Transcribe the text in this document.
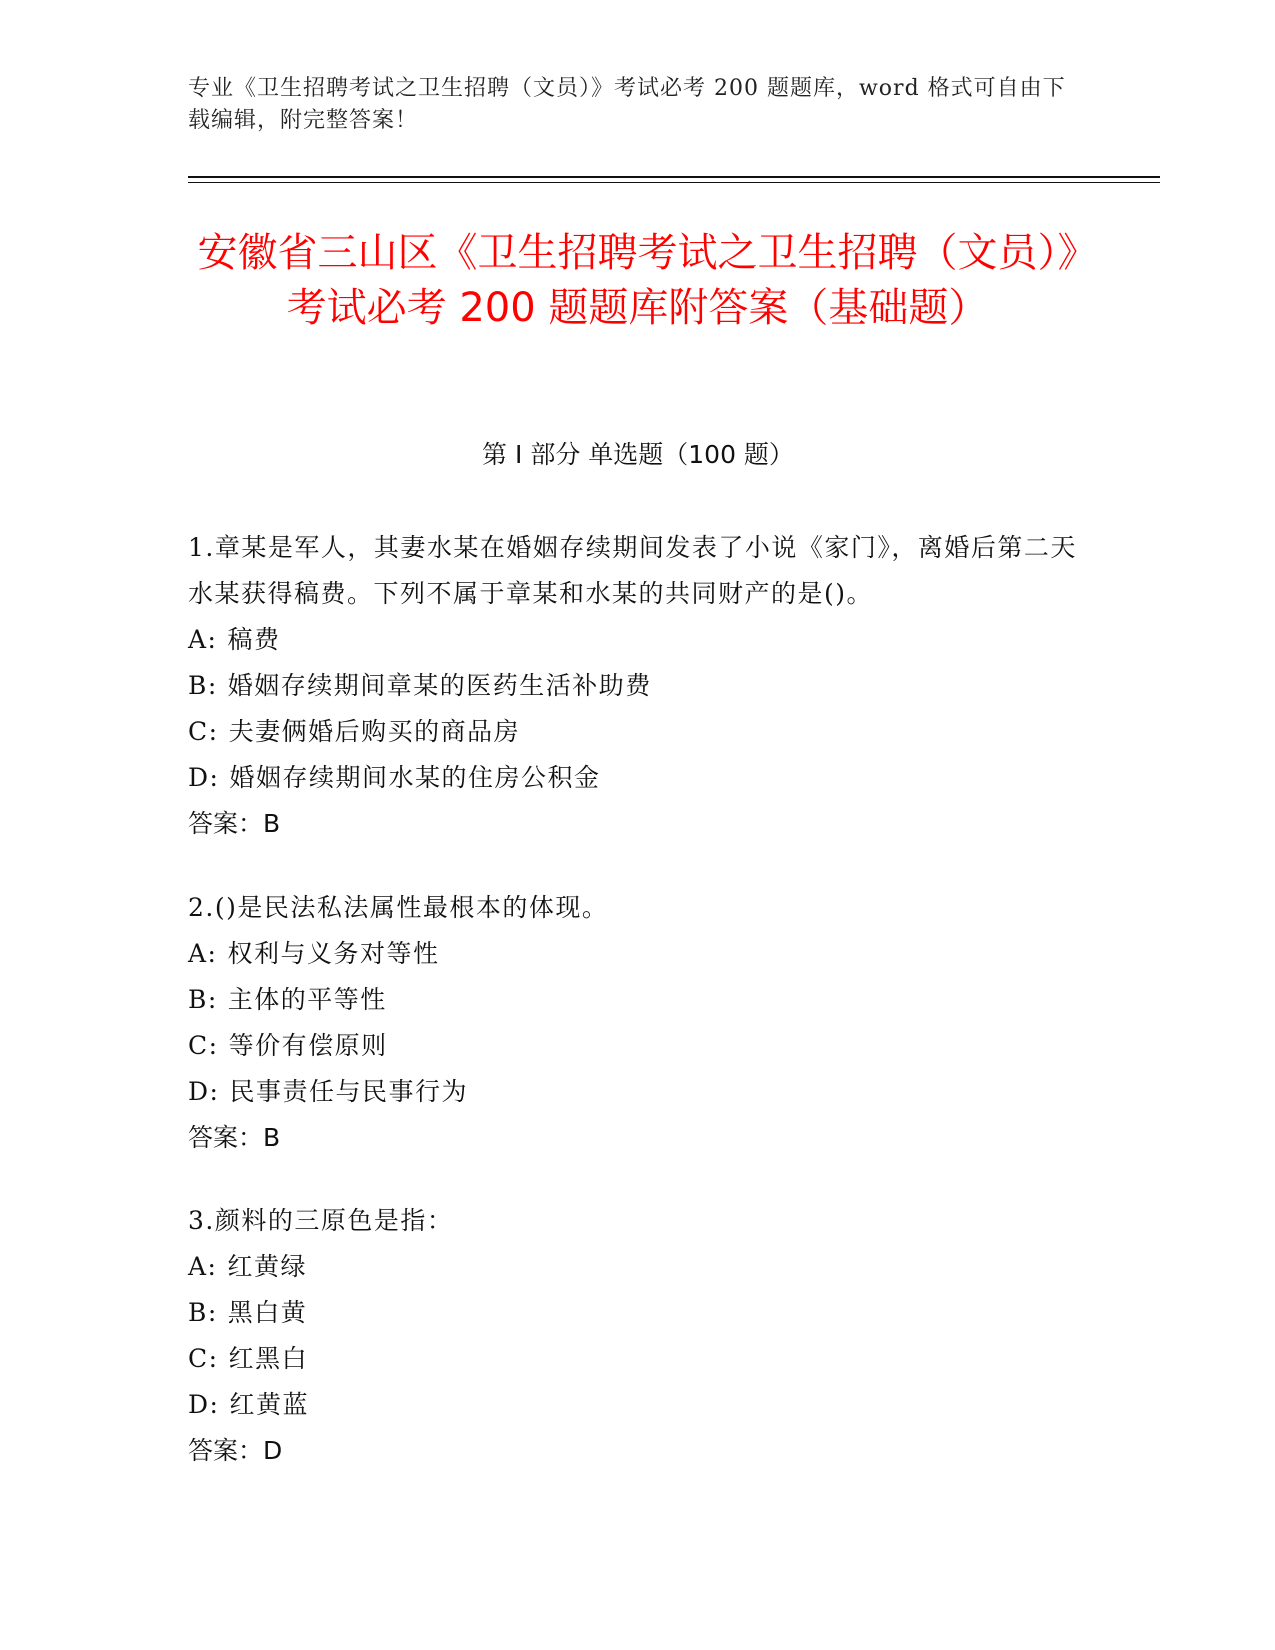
专业《卫生招聘考试之卫生招聘（文员）》考试必考 200 题题库，word 格式可自由下载编辑，附完整答案！
安徽省三山区《卫生招聘考试之卫生招聘（文员）》考试必考 200 题题库附答案（基础题）
第 I 部分 单选题（100 题）
1.章某是军人，其妻水某在婚姻存续期间发表了小说《家门》，离婚后第二天水某获得稿费。下列不属于章某和水某的共同财产的是()。
A: 稿费
B: 婚姻存续期间章某的医药生活补助费
C: 夫妻俩婚后购买的商品房
D: 婚姻存续期间水某的住房公积金
答案：B
2.()是民法私法属性最根本的体现。
A: 权利与义务对等性
B: 主体的平等性
C: 等价有偿原则
D: 民事责任与民事行为
答案：B
3.颜料的三原色是指：
A: 红黄绿
B: 黑白黄
C: 红黑白
D: 红黄蓝
答案：D
